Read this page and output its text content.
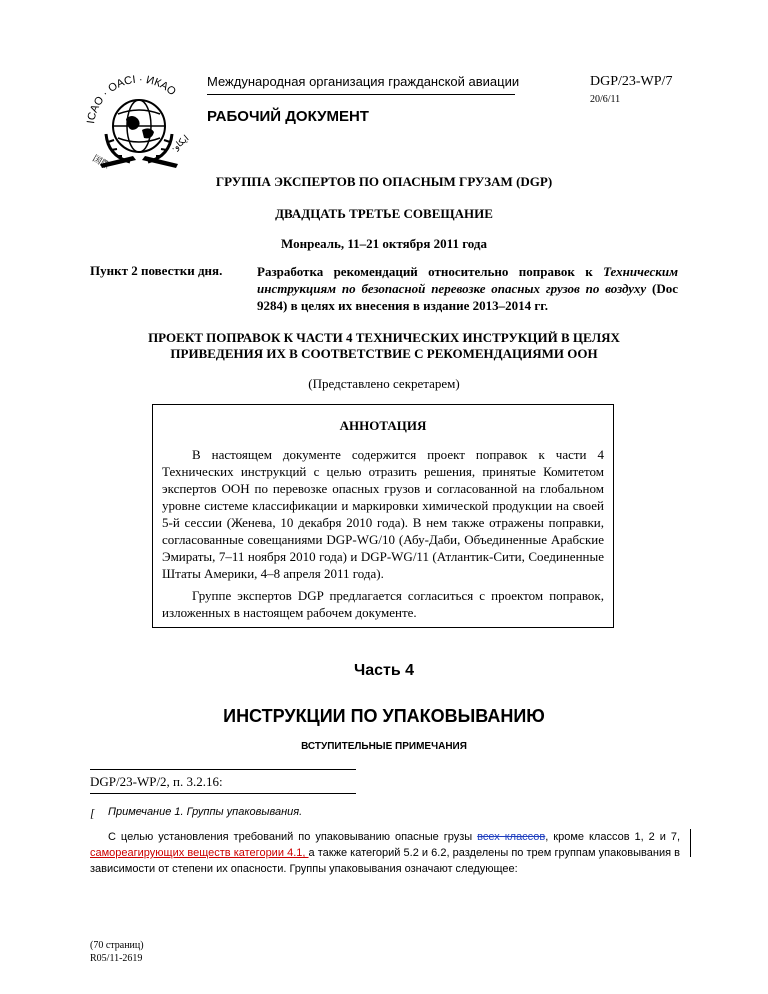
ICAO · OACI · ИКАО
国際
·ايكاو
Международная организация гражданской авиации	DGP/23-WP/7
20/6/11
РАБОЧИЙ ДОКУМЕНТ
ГРУППА ЭКСПЕРТОВ ПО ОПАСНЫМ ГРУЗАМ (DGP)
ДВАДЦАТЬ ТРЕТЬЕ СОВЕЩАНИЕ
Монреаль, 11–21 октября 2011 года
Пункт 2 повестки дня.	Разработка рекомендаций относительно поправок к Техническим инструкциям по безопасной перевозке опасных грузов по воздуху (Doc 9284) в целях их внесения в издание 2013–2014 гг.
ПРОЕКТ ПОПРАВОК К ЧАСТИ 4 ТЕХНИЧЕСКИХ ИНСТРУКЦИЙ В ЦЕЛЯХ
ПРИВЕДЕНИЯ ИХ В СООТВЕТСТВИЕ С РЕКОМЕНДАЦИЯМИ ООН
(Представлено секретарем)
АННОТАЦИЯ
В настоящем документе содержится проект поправок к части 4 Технических инструкций с целью отразить решения, принятые Комитетом экспертов ООН по перевозке опасных грузов и согласованной на глобальном уровне системе классификации и маркировки химической продукции на своей 5-й сессии (Женева, 10 декабря 2010 года). В нем также отражены поправки, согласованные совещаниями DGP-WG/10 (Абу-Даби, Объединенные Арабские Эмираты, 7–11 ноября 2010 года) и DGP-WG/11 (Атлантик-Сити, Соединенные Штаты Америки, 4–8 апреля 2011 года).
Группе экспертов DGP предлагается согласиться с проектом поправок, изложенных в настоящем рабочем документе.
Часть 4
ИНСТРУКЦИИ ПО УПАКОВЫВАНИЮ
ВСТУПИТЕЛЬНЫЕ ПРИМЕЧАНИЯ
DGP/23-WP/2, п. 3.2.16:
[ Примечание 1. Группы упаковывания.
С целью установления требований по упаковыванию опасные грузы всех классов, кроме классов 1, 2 и 7, самореагирующих веществ категории 4.1, а также категорий 5.2 и 6.2, разделены по трем группам упаковывания в зависимости от степени их опасности. Группы упаковывания означают следующее:
(70 страниц)
R05/11-2619
